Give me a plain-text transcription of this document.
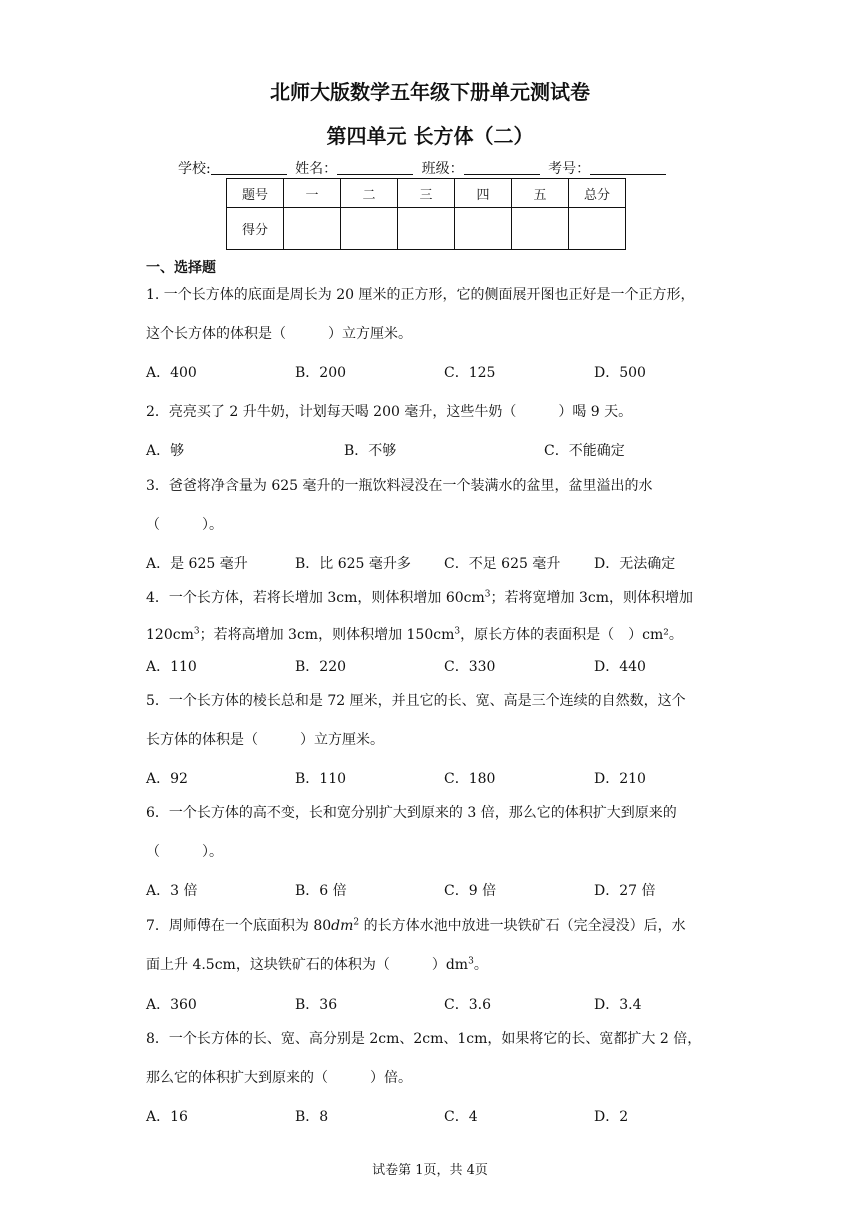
北师大版数学五年级下册单元测试卷
第四单元 长方体（二）
学校:	姓名：	班级：	考号：
题号	一	二	三	四	五	总分
得分						
一、选择题
1. 一个长方体的底面是周长为 20 厘米的正方形，它的侧面展开图也正好是一个正方形，
这个长方体的体积是（　　　）立方厘米。
A．400	B．200	C．125	D．500
2．亮亮买了 2 升牛奶，计划每天喝 200 毫升，这些牛奶（　　　）喝 9 天。
A．够	B．不够	C．不能确定
3．爸爸将净含量为 625 毫升的一瓶饮料浸没在一个装满水的盆里，盆里溢出的水
（　　　）。
A．是 625 毫升	B．比 625 毫升多 C．不足 625 毫升 D．无法确定
4．一个长方体，若将长增加 3cm，则体积增加 $60cm^3$；若将宽增加 3cm，则体积增加
$120cm^3$；若将高增加 3cm，则体积增加 $150cm^3$，原长方体的表面积是（　）cm²。
A．110	B．220	C．330	D．440
5．一个长方体的棱长总和是 72 厘米，并且它的长、宽、高是三个连续的自然数，这个
长方体的体积是（　　　）立方厘米。
A．92	B．110	C．180	D．210
6．一个长方体的高不变，长和宽分别扩大到原来的 3 倍，那么它的体积扩大到原来的
（　　　）。
A．3 倍	B．6 倍	C．9 倍	D．27 倍
7．周师傅在一个底面积为 $80dm^2$ 的长方体水池中放进一块铁矿石（完全浸没）后，水
面上升 4.5cm，这块铁矿石的体积为（　　　）$dm^3$。
A．360	B．36	C．3.6	D．3.4
8．一个长方体的长、宽、高分别是 2cm、2cm、1cm，如果将它的长、宽都扩大 2 倍，
那么它的体积扩大到原来的（　　　）倍。
A．16	B．8	C．4	D．2
试卷第 1页，共 4页
